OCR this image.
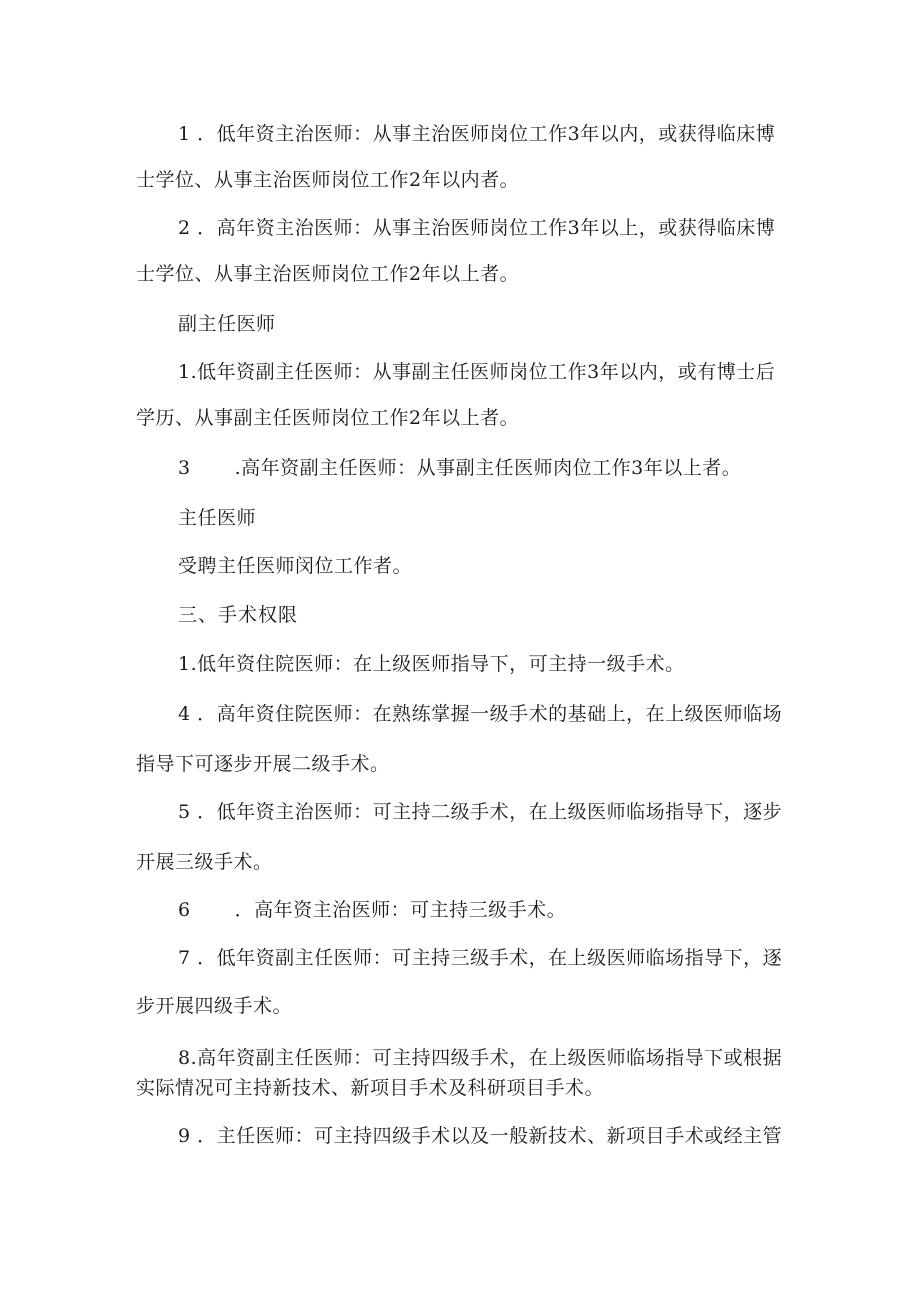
1 ．低年资主治医师：从事主治医师岗位工作3年以内，或获得临床博

士学位、从事主治医师岗位工作2年以内者。

2 ．高年资主治医师：从事主治医师岗位工作3年以上，或获得临床博

士学位、从事主治医师岗位工作2年以上者。

副主任医师

1.低年资副主任医师：从事副主任医师岗位工作3年以内，或有博士后

学历、从事副主任医师岗位工作2年以上者。

3 .高年资副主任医师：从事副主任医师肉位工作3年以上者。

主任医师

受聘主任医师闵位工作者。

三、手术权限

1.低年资住院医师：在上级医师指导下，可主持一级手术。

4 ．高年资住院医师：在熟练掌握一级手术的基础上，在上级医师临场

指导下可逐步开展二级手术。

5 ．低年资主治医师：可主持二级手术，在上级医师临场指导下，逐步

开展三级手术。

6 ．高年资主治医师：可主持三级手术。

7 ．低年资副主任医师：可主持三级手术，在上级医师临场指导下，逐

步开展四级手术。

8.高年资副主任医师：可主持四级手术，在上级医师临场指导下或根据

实际情况可主持新技术、新项目手术及科研项目手术。

9 ．主任医师：可主持四级手术以及一般新技术、新项目手术或经主管
